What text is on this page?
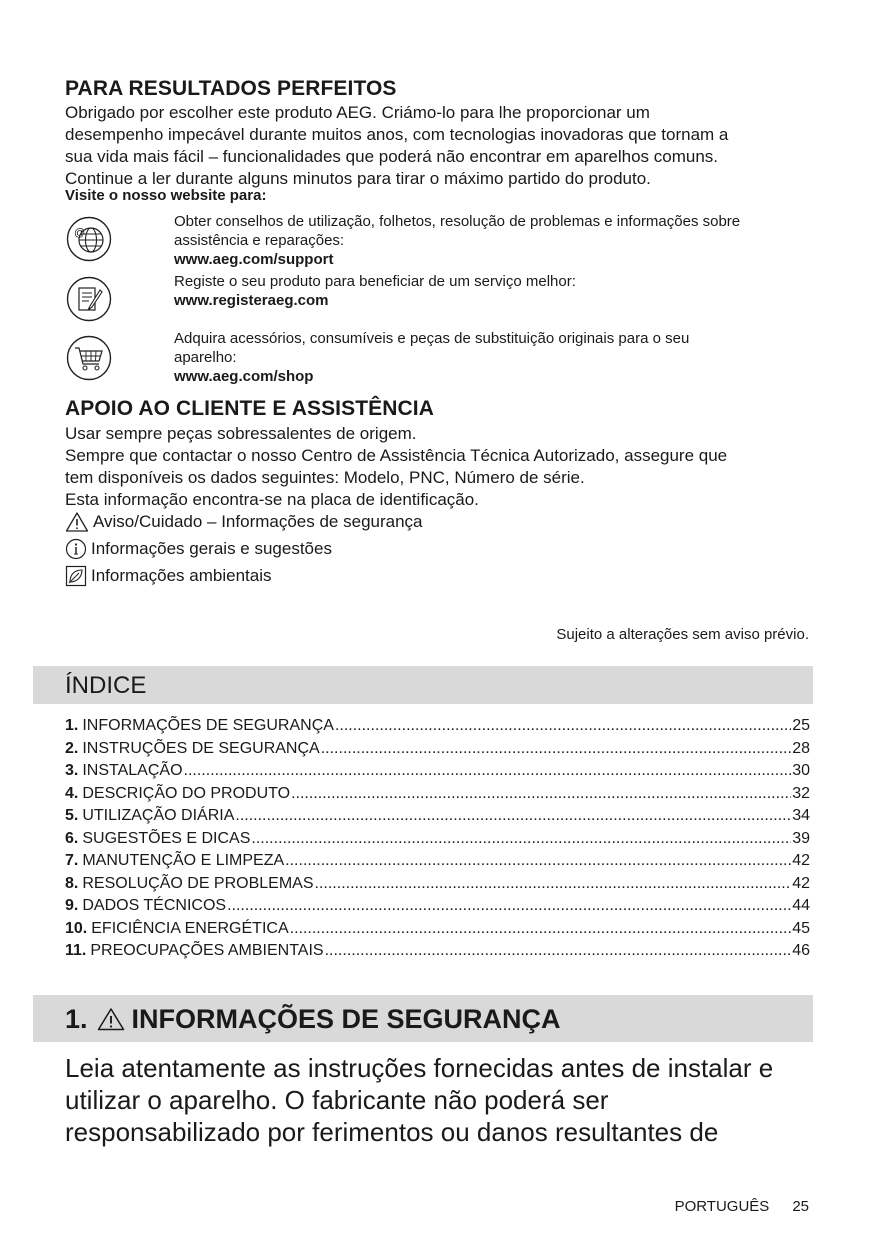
PARA RESULTADOS PERFEITOS

Obrigado por escolher este produto AEG. Criámo-lo para lhe proporcionar um

desempenho impecável durante muitos anos, com tecnologias inovadoras que tornam a

sua vida mais fácil – funcionalidades que poderá não encontrar em aparelhos comuns.

Continue a ler durante alguns minutos para tirar o máximo partido do produto.

Visite o nosso website para:
@
Obter conselhos de utilização, folhetos, resolução de problemas e informações sobre
assistência e reparações:
www.aeg.com/support
Registe o seu produto para beneficiar de um serviço melhor:
www.registeraeg.com
Adquira acessórios, consumíveis e peças de substituição originais para o seu
aparelho:
www.aeg.com/shop
APOIO AO CLIENTE E ASSISTÊNCIA

Usar sempre peças sobressalentes de origem.

Sempre que contactar o nosso Centro de Assistência Técnica Autorizado, assegure que

tem disponíveis os dados seguintes: Modelo, PNC, Número de série.

Esta informação encontra-se na placa de identificação.

Aviso/Cuidado – Informações de segurança
Informações gerais e sugestões
Informações ambientais
Sujeito a alterações sem aviso prévio.
ÍNDICE
1. INFORMAÇÕES DE SEGURANÇA .....	25
2. INSTRUÇÕES DE SEGURANÇA .....	28
3. INSTALAÇÃO .....	30
4. DESCRIÇÃO DO PRODUTO .....	32
5. UTILIZAÇÃO DIÁRIA .....	34
6. SUGESTÕES E DICAS .....	39
7. MANUTENÇÃO E LIMPEZA .....	42
8. RESOLUÇÃO DE PROBLEMAS .....	42
9. DADOS TÉCNICOS .....	44
10. EFICIÊNCIA ENERGÉTICA .....	45
11. PREOCUPAÇÕES AMBIENTAIS .....	46
1. INFORMAÇÕES DE SEGURANÇA

Leia atentamente as instruções fornecidas antes de instalar e

utilizar o aparelho. O fabricante não poderá ser

responsabilizado por ferimentos ou danos resultantes de

PORTUGUÊS 25
